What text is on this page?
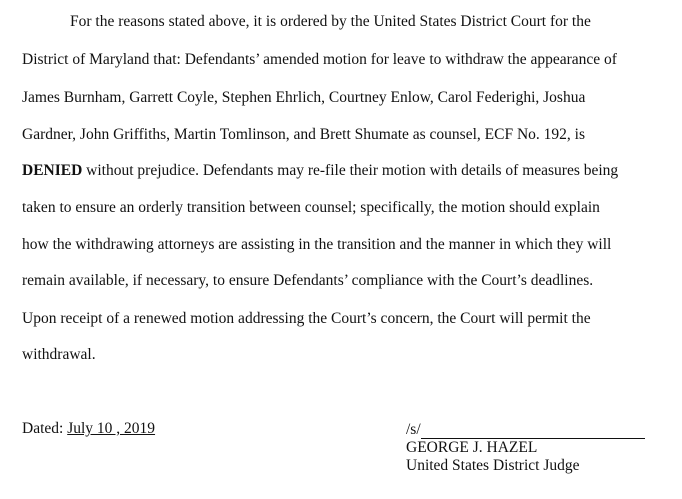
For the reasons stated above, it is ordered by the United States District Court for the
District of Maryland that: Defendants’ amended motion for leave to withdraw the appearance of
James Burnham, Garrett Coyle, Stephen Ehrlich, Courtney Enlow, Carol Federighi, Joshua
Gardner, John Griffiths, Martin Tomlinson, and Brett Shumate as counsel, ECF No. 192, is
DENIED without prejudice. Defendants may re-file their motion with details of measures being
taken to ensure an orderly transition between counsel; specifically, the motion should explain
how the withdrawing attorneys are assisting in the transition and the manner in which they will
remain available, if necessary, to ensure Defendants’ compliance with the Court’s deadlines.
Upon receipt of a renewed motion addressing the Court’s concern, the Court will permit the
withdrawal.
Dated: July 10 , 2019	/s/
GEORGE J. HAZEL
United States District Judge
